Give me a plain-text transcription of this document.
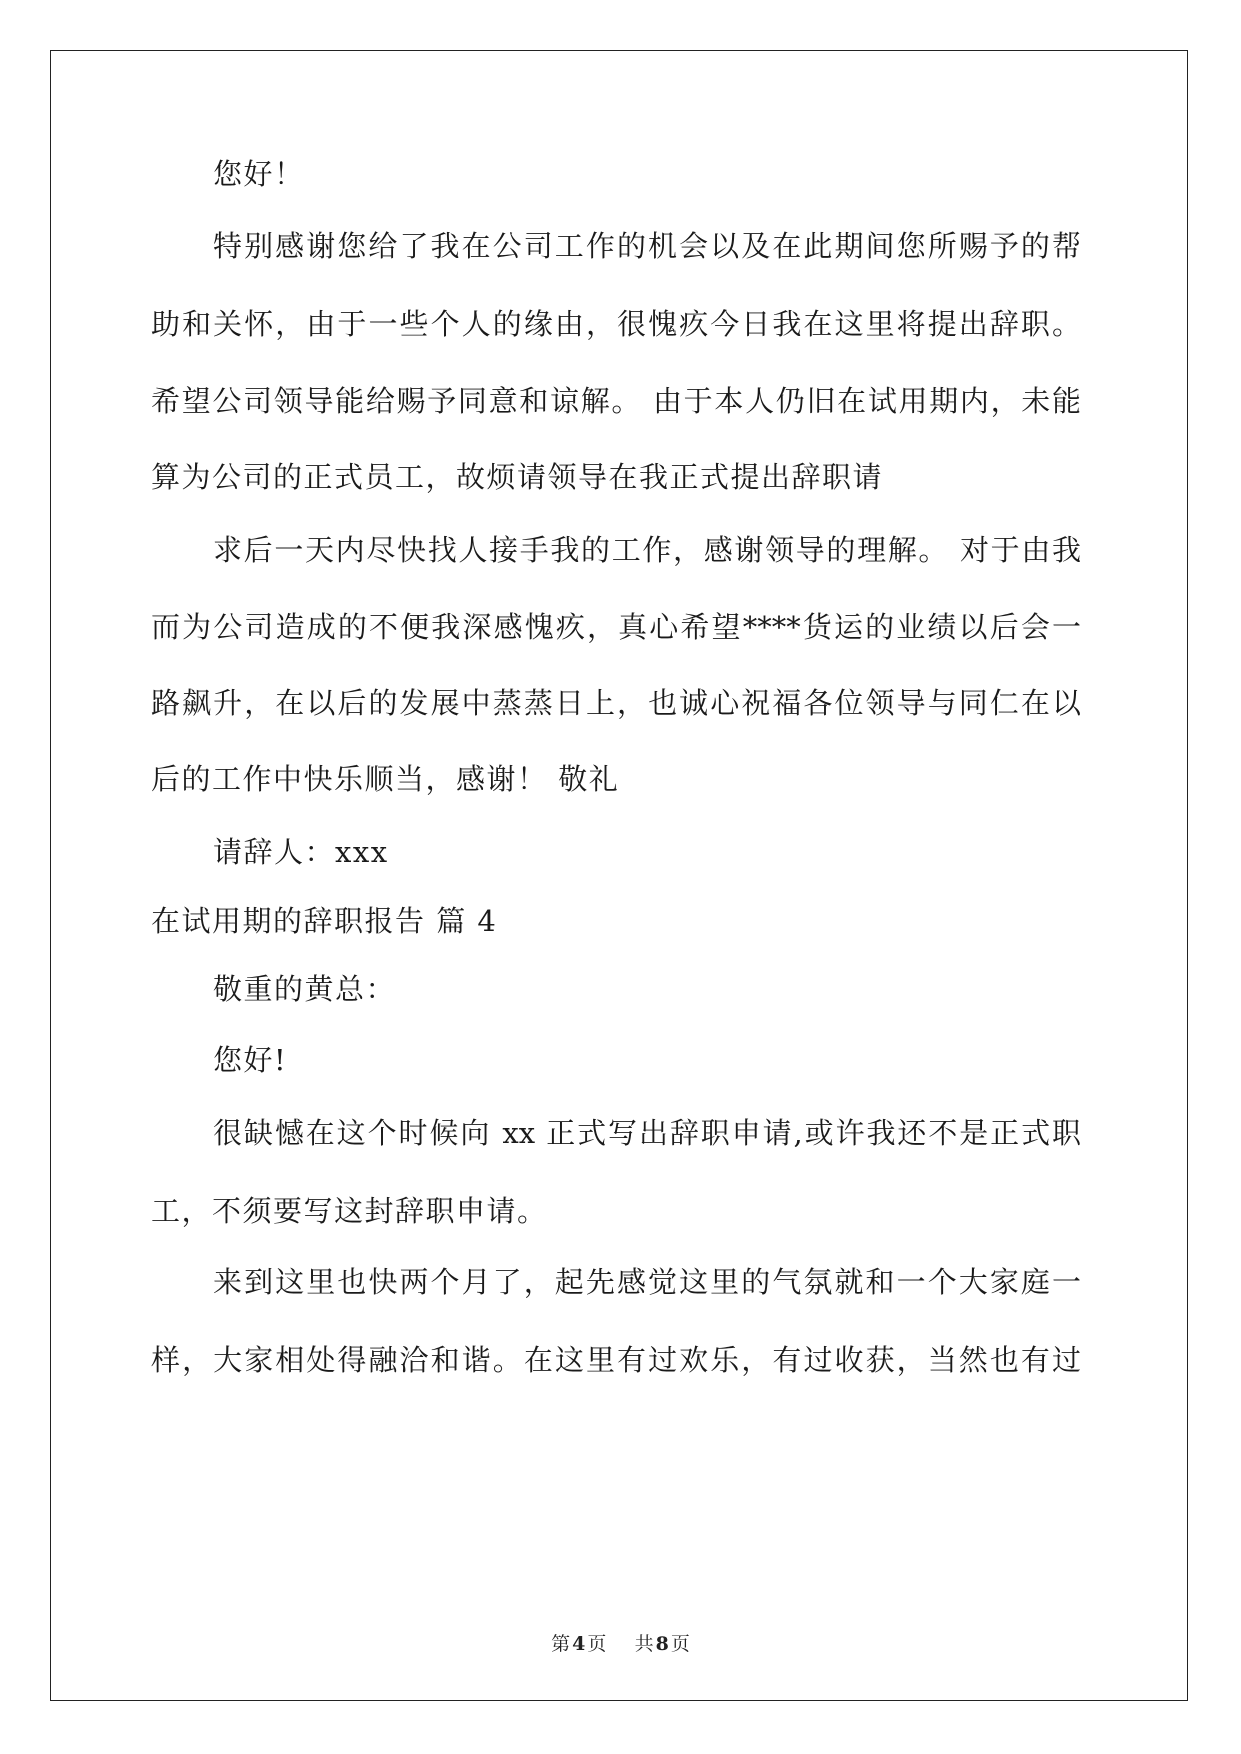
您好！
特别感谢您给了我在公司工作的机会以及在此期间您所赐予的帮
助和关怀，由于一些个人的缘由，很愧疚今日我在这里将提出辞职。
希望公司领导能给赐予同意和谅解。 由于本人仍旧在试用期内，未能
算为公司的正式员工，故烦请领导在我正式提出辞职请
求后一天内尽快找人接手我的工作，感谢领导的理解。 对于由我
而为公司造成的不便我深感愧疚，真心希望****货运的业绩以后会一
路飙升，在以后的发展中蒸蒸日上，也诚心祝福各位领导与同仁在以
后的工作中快乐顺当，感谢！ 敬礼
请辞人：xxx
在试用期的辞职报告 篇 4
敬重的黄总：
您好!
很缺憾在这个时候向 xx 正式写出辞职申请,或许我还不是正式职
工，不须要写这封辞职申请。
来到这里也快两个月了，起先感觉这里的气氛就和一个大家庭一
样，大家相处得融洽和谐。在这里有过欢乐，有过收获，当然也有过
第 4 页 共 8 页
